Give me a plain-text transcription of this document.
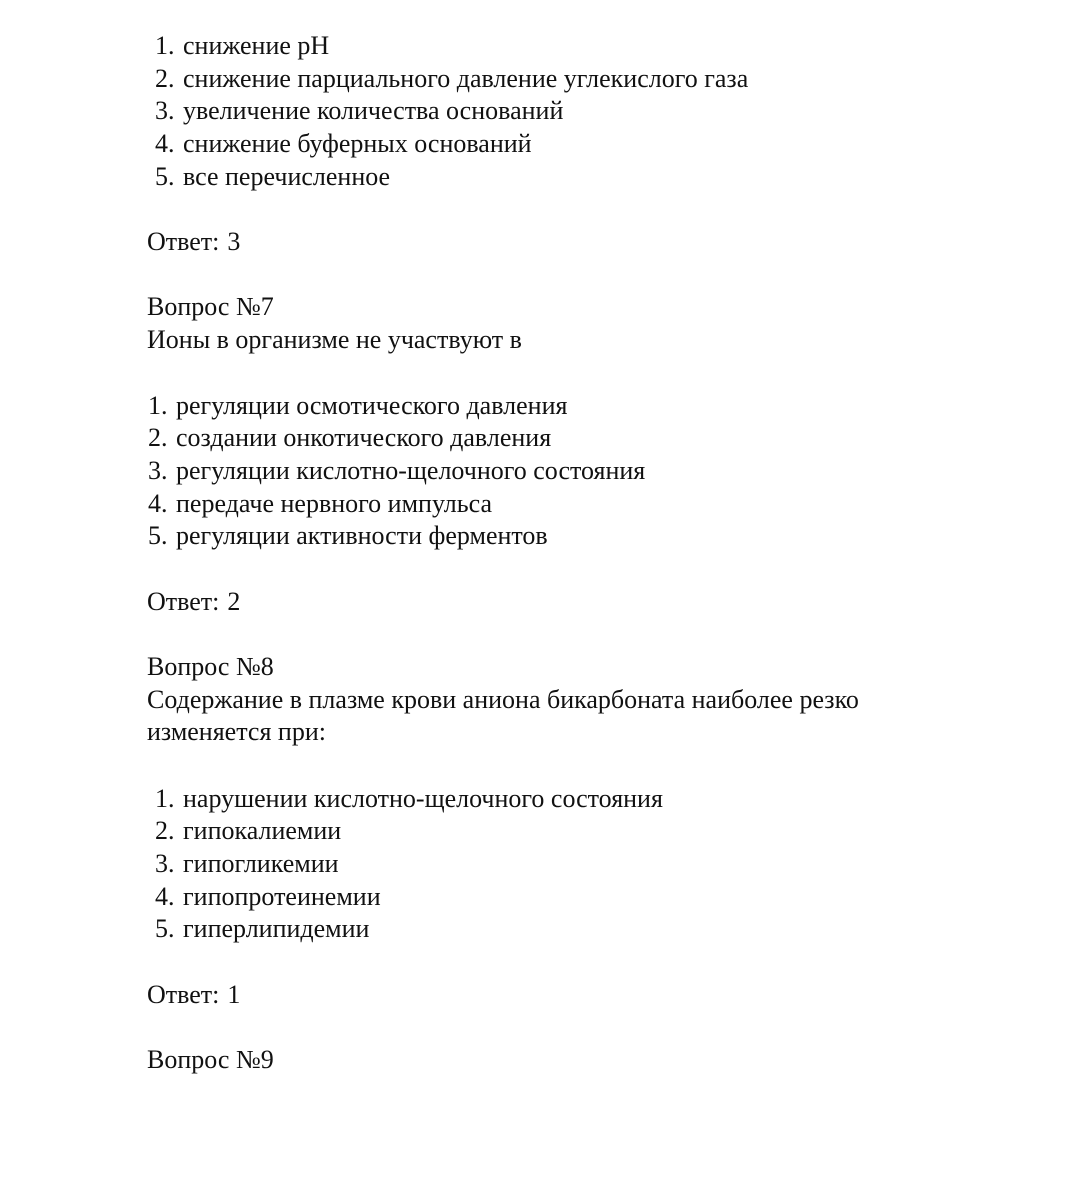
1. снижение pH
2. снижение парциального давление углекислого газа
3. увеличение количества оснований
4. снижение буферных оснований
5. все перечисленное
Ответ: 3
Вопрос №7
Ионы в организме не участвуют в
1. регуляции осмотического давления
2. создании онкотического давления
3. регуляции кислотно-щелочного состояния
4. передаче нервного импульса
5. регуляции активности ферментов
Ответ: 2
Вопрос №8
Содержание в плазме крови аниона бикарбоната наиболее резко
изменяется при:
1. нарушении кислотно-щелочного состояния
2. гипокалиемии
3. гипогликемии
4. гипопротеинемии
5. гиперлипидемии
Ответ: 1
Вопрос №9
